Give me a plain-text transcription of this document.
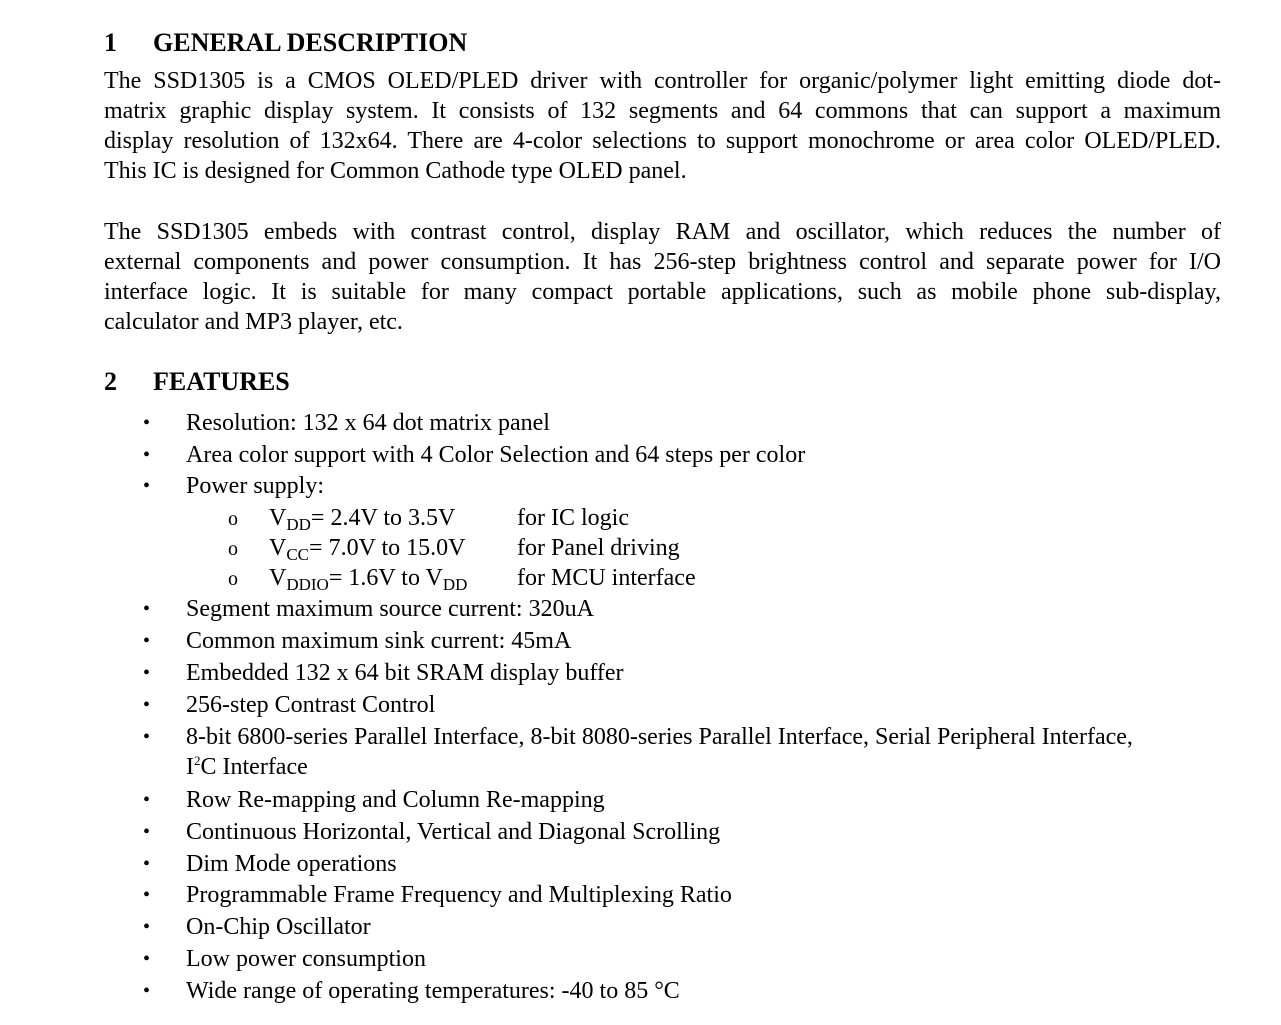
1 GENERAL DESCRIPTION
The SSD1305 is a CMOS OLED/PLED driver with controller for organic/polymer light emitting diode dot-
matrix graphic display system. It consists of 132 segments and 64 commons that can support a maximum
display resolution of 132x64. There are 4-color selections to support monochrome or area color OLED/PLED.
This IC is designed for Common Cathode type OLED panel.
The SSD1305 embeds with contrast control, display RAM and oscillator, which reduces the number of
external components and power consumption. It has 256-step brightness control and separate power for I/O
interface logic. It is suitable for many compact portable applications, such as mobile phone sub-display,
calculator and MP3 player, etc.
2 FEATURES
• Resolution: 132 x 64 dot matrix panel
• Area color support with 4 Color Selection and 64 steps per color
• Power supply:
o $V_{DD}= 2.4V$ to 3.5V	for IC logic
o $V_{CC}= 7.0V$ to 15.0V for Panel driving
o $V_{DDIO}= 1.6V$ to $V_{DD}$ for MCU interface
• Segment maximum source current: 320uA
• Common maximum sink current: 45mA
• Embedded 132 x 64 bit SRAM display buffer
• 256-step Contrast Control
• 8-bit 6800-series Parallel Interface, 8-bit 8080-series Parallel Interface, Serial Peripheral Interface,
$I^2C$ Interface
• Row Re-mapping and Column Re-mapping
• Continuous Horizontal, Vertical and Diagonal Scrolling
• Dim Mode operations
• Programmable Frame Frequency and Multiplexing Ratio
• On-Chip Oscillator
• Low power consumption
• Wide range of operating temperatures: -40 to 85 °C
